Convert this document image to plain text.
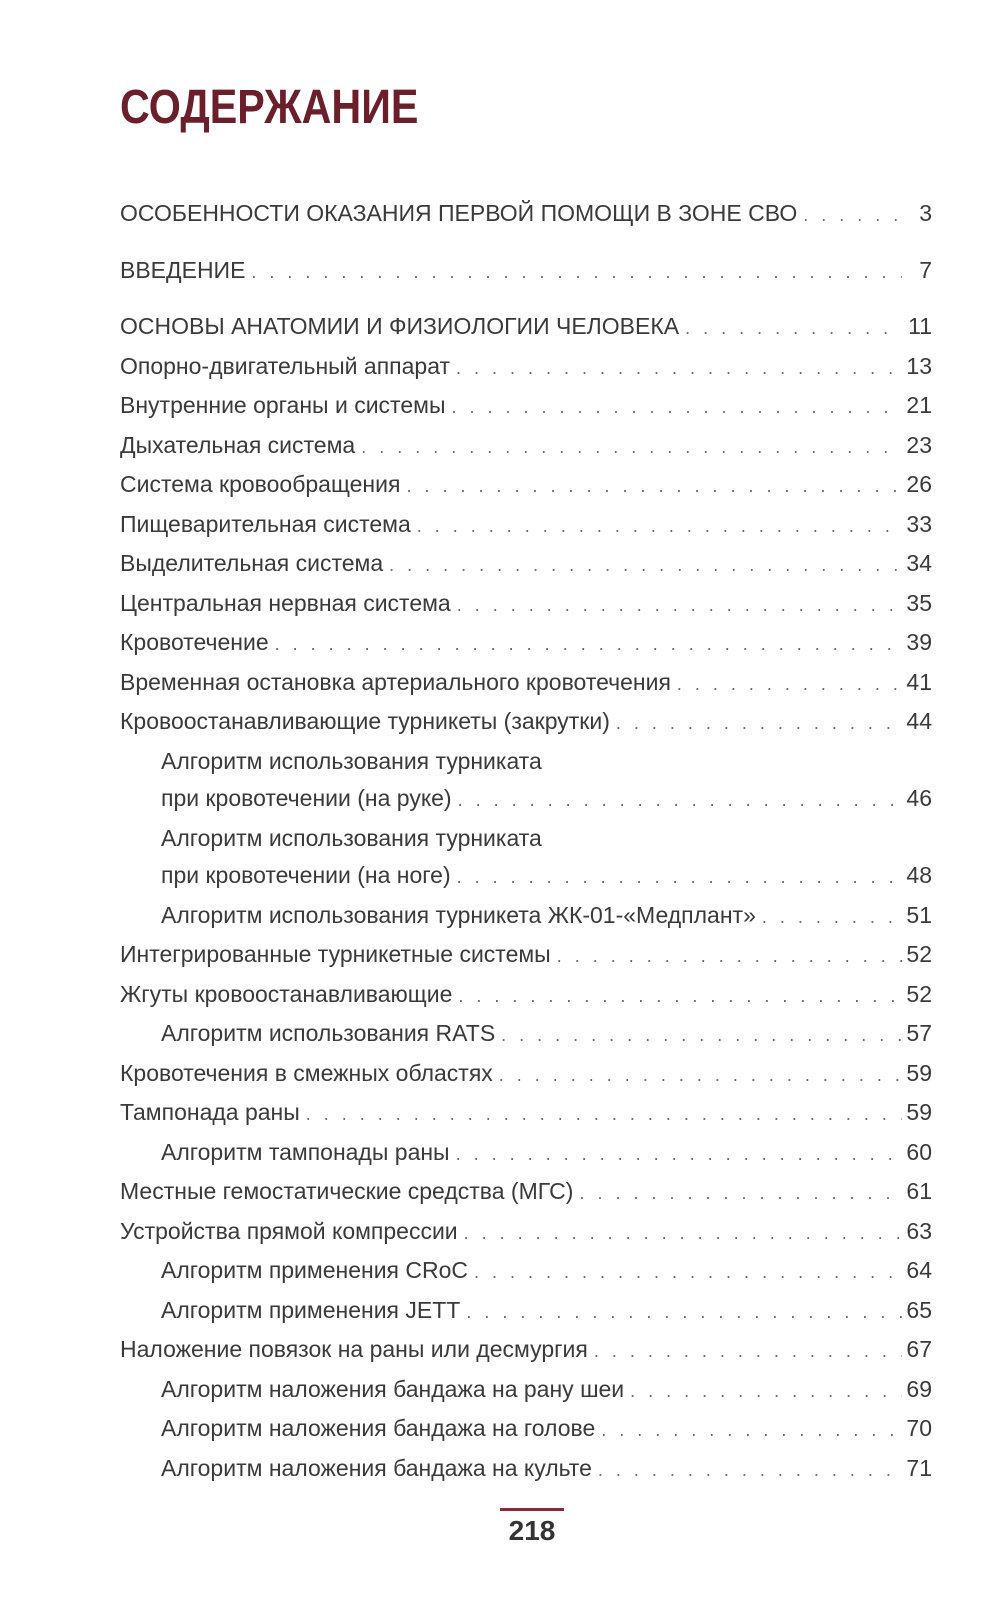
СОДЕРЖАНИЕ
ОСОБЕННОСТИ ОКАЗАНИЯ ПЕРВОЙ ПОМОЩИ В ЗОНЕ СВО . . .	3
ВВЕДЕНИЕ . . .	7
ОСНОВЫ АНАТОМИИ И ФИЗИОЛОГИИ ЧЕЛОВЕКА . . .	11
Опорно-двигательный аппарат . . .	13
Внутренние органы и системы . . .	21
Дыхательная система . . .	23
Система кровообращения . . .	26
Пищеварительная система . . .	33
Выделительная система . . .	34
Центральная нервная система . . .	35
Кровотечение . . .	39
Временная остановка артериального кровотечения . . .	41
Кровоостанавливающие турникеты (закрутки) . . .	44
Алгоритм использования турниката
при кровотечении (на руке) . . .	46
Алгоритм использования турниката
при кровотечении (на ноге) . . .	48
Алгоритм использования турникета ЖК-01-«Медплант» . . .	51
Интегрированные турникетные системы . . .	52
Жгуты кровоостанавливающие . . .	52
Алгоритм использования RATS . . .	57
Кровотечения в смежных областях . . .	59
Тампонада раны . . .	59
Алгоритм тампонады раны . . .	60
Местные гемостатические средства (МГС) . . .	61
Устройства прямой компрессии . . .	63
Алгоритм применения CRoC . . .	64
Алгоритм применения JETT . . .	65
Наложение повязок на раны или десмургия . . .	67
Алгоритм наложения бандажа на рану шеи . . .	69
Алгоритм наложения бандажа на голове . . .	70
Алгоритм наложения бандажа на культе . . .	71
218
